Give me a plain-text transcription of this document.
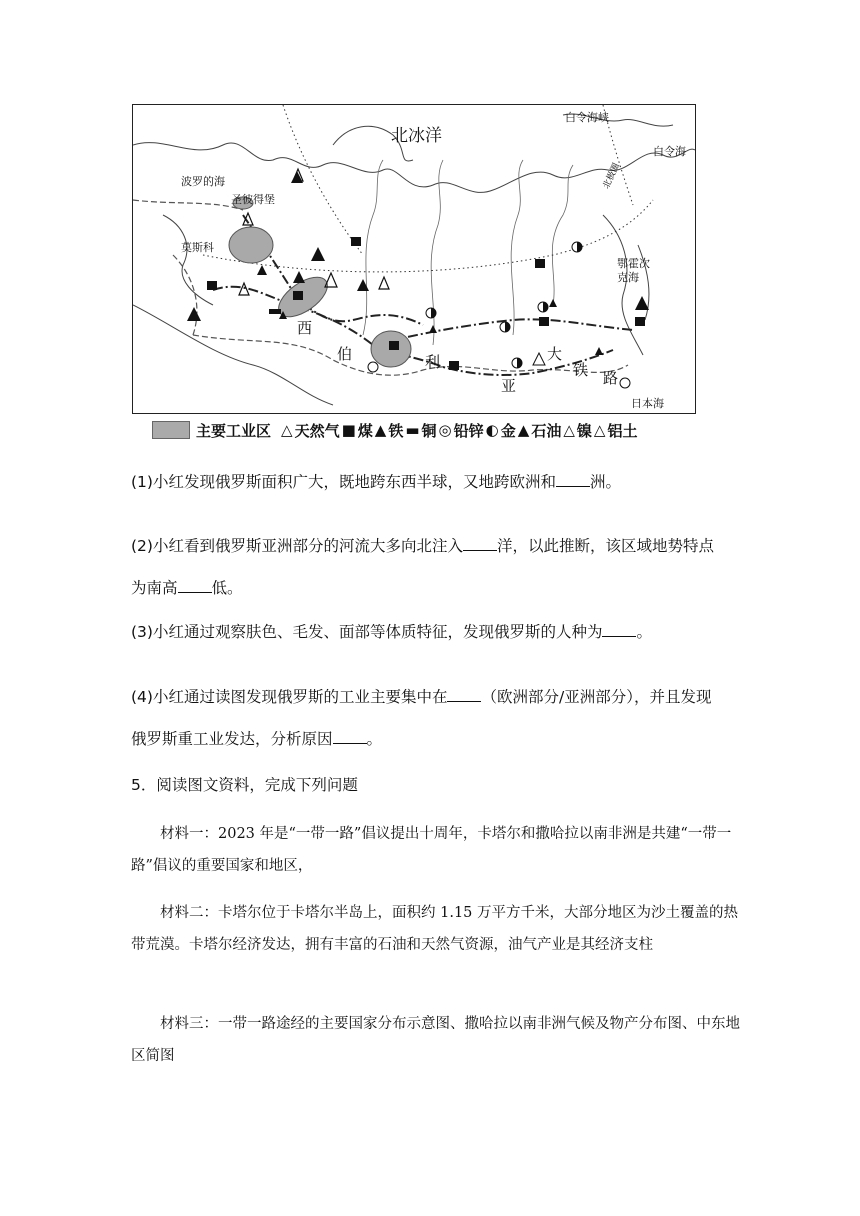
北冰洋
白令海峡
白令海
北极圈
波罗的海
圣彼得堡
莫斯科
鄂霍次克海
日本海
西
伯	利
亚
大
铁 路
主要工业区 △ 天然气 ■ 煤 ▲ 铁 ▬ 铜 ◎ 铅锌 ◐ 金 ▲ 石油 △ 镍 △ 铝土
(1)小红发现俄罗斯面积广大，既地跨东西半球，又地跨欧洲和 洲。
(2)小红看到俄罗斯亚洲部分的河流大多向北注入 洋，以此推断，该区域地势特点
为南高 低。
(3)小红通过观察肤色、毛发、面部等体质特征，发现俄罗斯的人种为 。
(4)小红通过读图发现俄罗斯的工业主要集中在 （欧洲部分/亚洲部分），并且发现
俄罗斯重工业发达，分析原因 。
5．阅读图文资料，完成下列问题
材料一：2023 年是“一带一路”倡议提出十周年，卡塔尔和撒哈拉以南非洲是共建“一带一路”倡议的重要国家和地区，
材料二：卡塔尔位于卡塔尔半岛上，面积约 1.15 万平方千米，大部分地区为沙土覆盖的热带荒漠。卡塔尔经济发达，拥有丰富的石油和天然气资源，油气产业是其经济支柱
材料三：一带一路途经的主要国家分布示意图、撒哈拉以南非洲气候及物产分布图、中东地区简图
